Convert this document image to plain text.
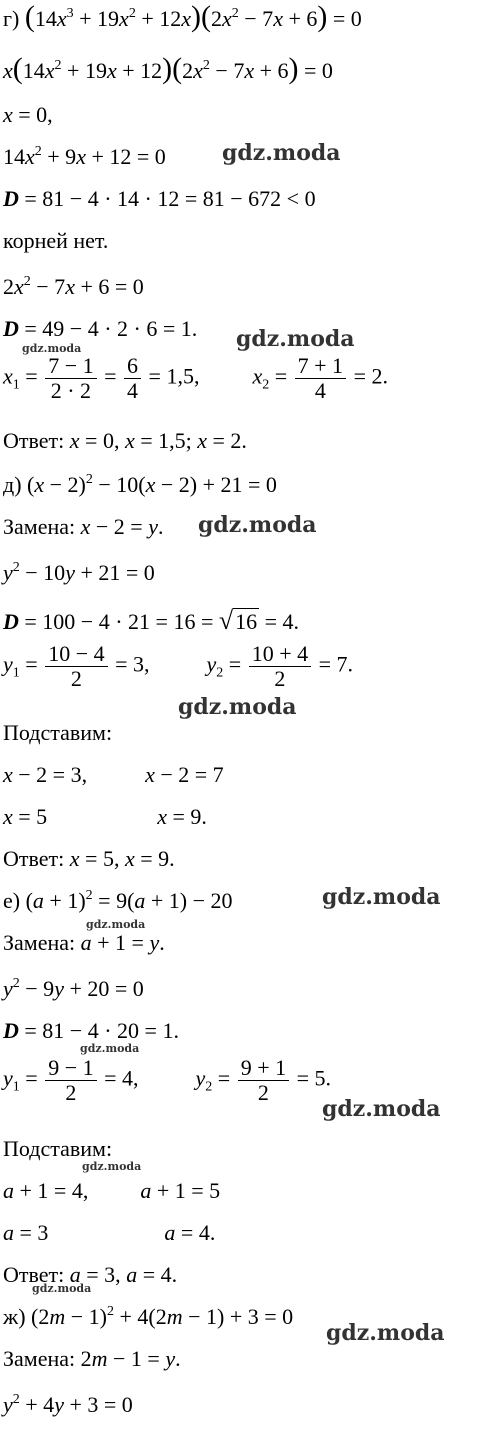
г) $(14x^3 + 19x^2 + 12x)(2x^2 - 7x + 6) = 0$
$x(14x^2 + 19x + 12)(2x^2 - 7x + 6) = 0$
x = 0,
$14x^2 + 9x + 12 = 0$
D = 81 − 4 · 14 · 12 = 81 − 672 < 0
корней нет.
$2x^2 - 7x + 6 = 0$
D = 49 − 4 · 2 · 6 = 1.
$x_1 = \frac{7 - 1}{2 \cdot 2} = \frac{6}{4} = 1,5$,  $x_2 = \frac{7 + 1}{4} = 2$.
Ответ: x = 0, x = 1,5; x = 2.
д) $(x - 2)^2 - 10(x - 2) + 21 = 0$
Замена: x − 2 = y.
$y^2 - 10y + 21 = 0$
D = 100 − 4 · 21 = 16 = √16 = 4.
$y_1 = \frac{10 - 4}{2} = 3$,  $y_2 = \frac{10 + 4}{2} = 7$.
Подставим:
x − 2 = 3,	x − 2 = 7
x = 5	x = 9.
Ответ: x = 5, x = 9.
е) $(a + 1)^2 = 9(a + 1) - 20$
Замена: a + 1 = y.
$y^2 - 9y + 20 = 0$
D = 81 − 4 · 20 = 1.
$y_1 = \frac{9 - 1}{2} = 4$,  $y_2 = \frac{9 + 1}{2} = 5$.
Подставим:
a + 1 = 4, a + 1 = 5
a = 3	a = 4.
Ответ: a = 3, a = 4.
ж) $(2m - 1)^2 + 4(2m - 1) + 3 = 0$
Замена: 2m − 1 = y.
$y^2 + 4y + 3 = 0$
gdz.moda
gdz.moda
gdz.moda
gdz.moda
gdz.moda
gdz.moda
gdz.moda
gdz.moda
gdz.moda
gdz.moda
gdz.moda
gdz.moda
